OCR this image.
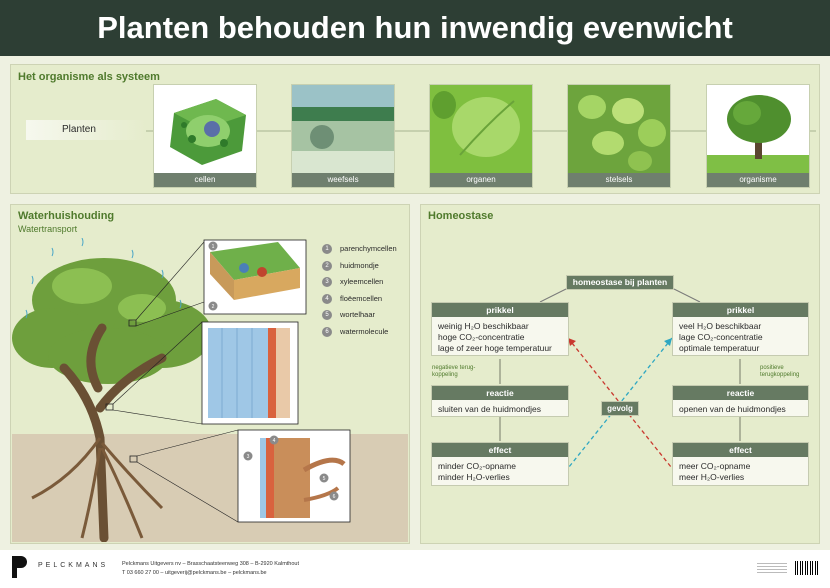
Planten behouden hun inwendig evenwicht
Het organisme als systeem
Planten
cellen	weefsels	organen	stelsels	organisme
Waterhuishouding
Watertransport
1
2
3
4
5
6
1	parenchymcellen
2	huidmondje
3	xyleemcellen
4	floëemcellen
5	wortelhaar
6	watermolecule
Homeostase
homeostase bij planten
prikkel
weinig H₂O beschikbaar
hoge CO₂-concentratie
lage of zeer hoge temperatuur
negatieve terug-koppeling
reactie
sluiten van de huidmondjes
effect
minder CO₂-opname
minder H₂O-verlies
prikkel
veel H₂O beschikbaar
lage CO₂-concentratie
optimale temperatuur
positieve terugkoppeling
reactie
openen van de huidmondjes
effect
meer CO₂-opname
meer H₂O-verlies
gevolg
PELCKMANS	Pelckmans Uitgevers nv – Brasschaatsteenweg 308 – B-2920 Kalmthout
T 03 660 27 00 – uitgeverij@pelckmans.be – pelckmans.be
